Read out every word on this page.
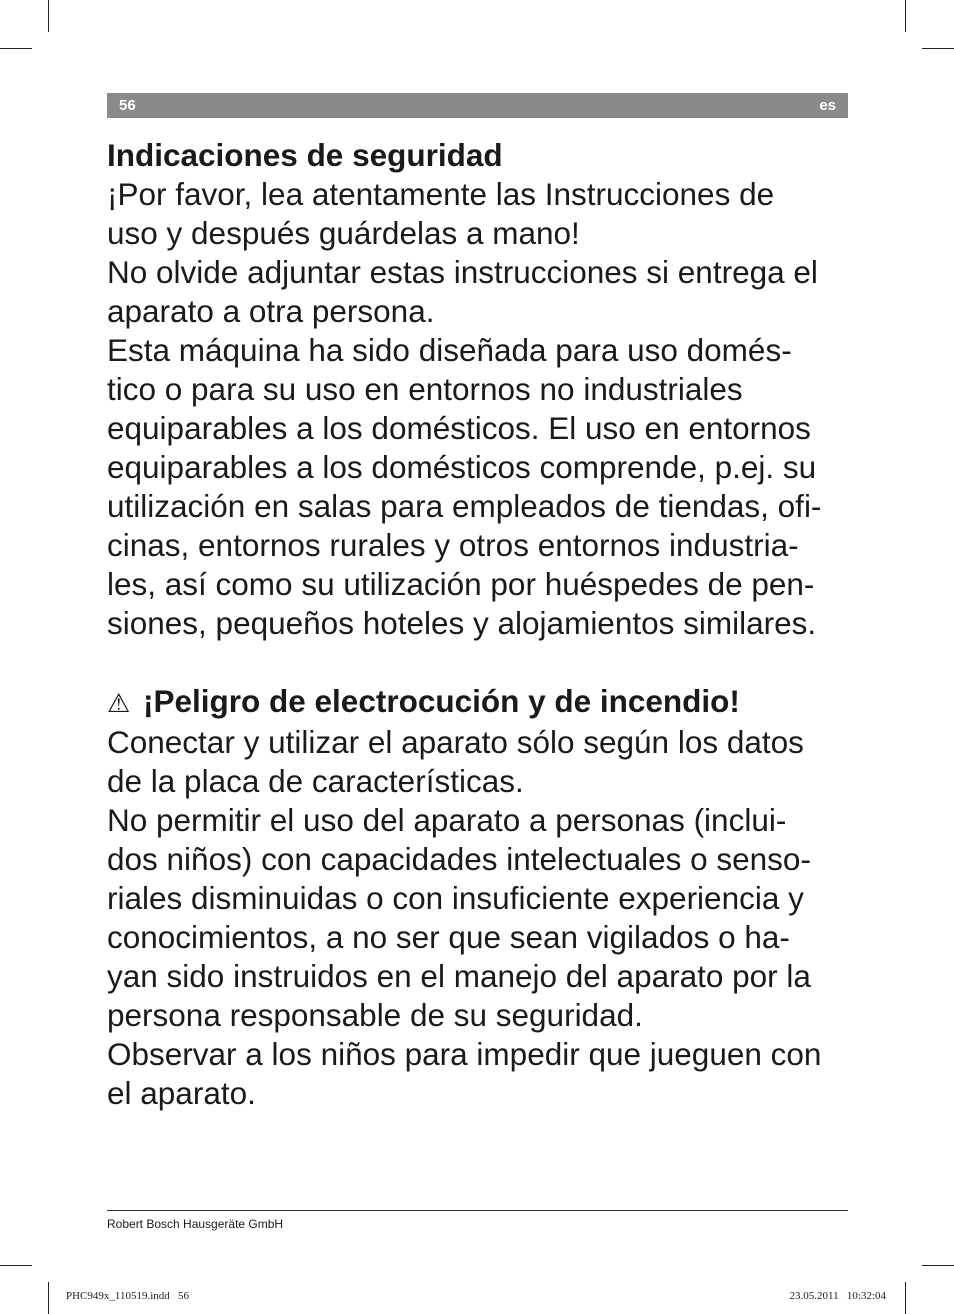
56	es
Indicaciones de seguridad
¡Por favor, lea atentamente las Instrucciones de
uso y después guárdelas a mano!
No olvide adjuntar estas instrucciones si entrega el
aparato a otra persona.
Esta máquina ha sido diseñada para uso domés-
tico o para su uso en entornos no industriales
equiparables a los domésticos. El uso en entornos
equiparables a los domésticos comprende, p.ej. su
utilización en salas para empleados de tiendas, ofi-
cinas, entornos rurales y otros entornos industria-
les, así como su utilización por huéspedes de pen-
siones, pequeños hoteles y alojamientos similares.
⚠ ¡Peligro de electrocución y de incendio!
Conectar y utilizar el aparato sólo según los datos
de la placa de características.
No permitir el uso del aparato a personas (inclui-
dos niños) con capacidades intelectuales o senso-
riales disminuidas o con insuficiente experiencia y
conocimientos, a no ser que sean vigilados o ha-
yan sido instruidos en el manejo del aparato por la
persona responsable de su seguridad.
Observar a los niños para impedir que jueguen con
el aparato.
Robert Bosch Hausgeräte GmbH
PHC949x_110519.indd   56	23.05.2011   10:32:04
